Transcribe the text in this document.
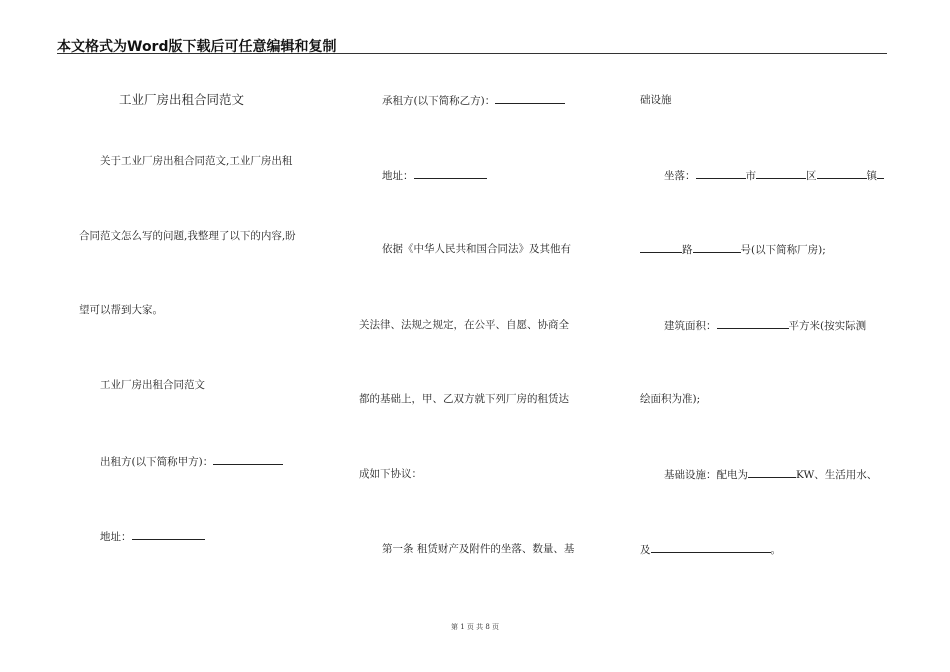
本文格式为Word版下载后可任意编辑和复制
工业厂房出租合同范文
关于工业厂房出租合同范文,工业厂房出租
合同范文怎么写的问题,我整理了以下的内容,盼
望可以帮到大家。
工业厂房出租合同范文
出租方(以下简称甲方)：
地址：
承租方(以下简称乙方)：
地址：
依据《中华人民共和国合同法》及其他有
关法律、法规之规定，在公平、自愿、协商全
都的基础上，甲、乙双方就下列厂房的租赁达
成如下协议：
第一条 租赁财产及附件的坐落、数量、基
础设施
坐落：	市	区	镇
路	号(以下简称厂房);
建筑面积：	平方米(按实际测
绘面积为准);
基础设施：配电为	KW、生活用水、
及	。
第 1 页 共 8 页
